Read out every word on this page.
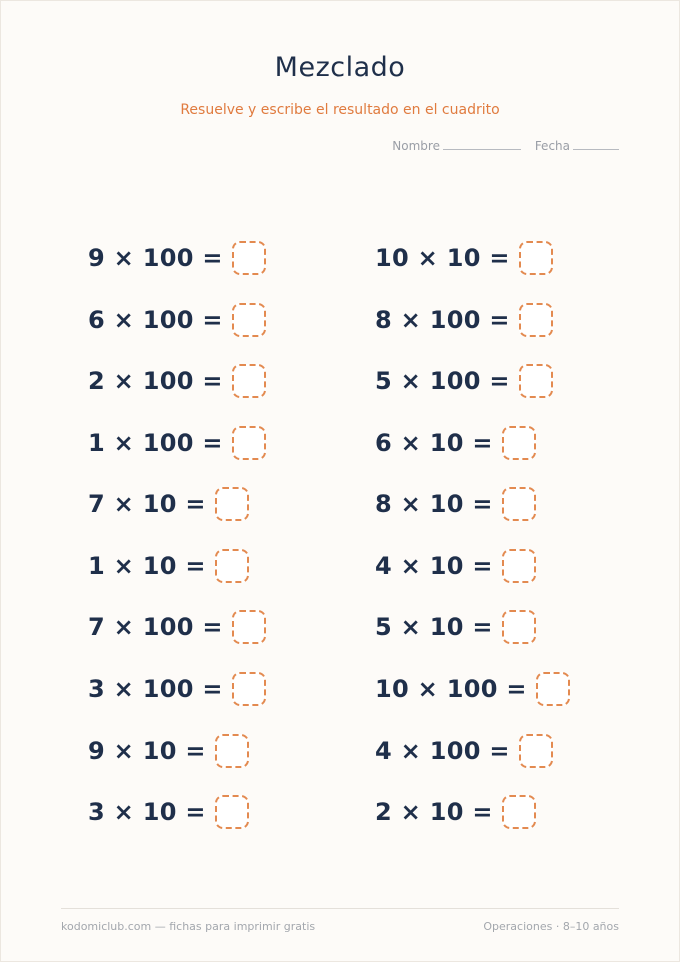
Mezclado
Resuelve y escribe el resultado en el cuadrito
Nombre	Fecha
9 × 100 =
6 × 100 =
2 × 100 =
1 × 100 =
7 × 10 =
1 × 10 =
7 × 100 =
3 × 100 =
9 × 10 =
3 × 10 =
10 × 10 =
8 × 100 =
5 × 100 =
6 × 10 =
8 × 10 =
4 × 10 =
5 × 10 =
10 × 100 =
4 × 100 =
2 × 10 =
kodomiclub.com — fichas para imprimir gratis	Operaciones · 8–10 años
